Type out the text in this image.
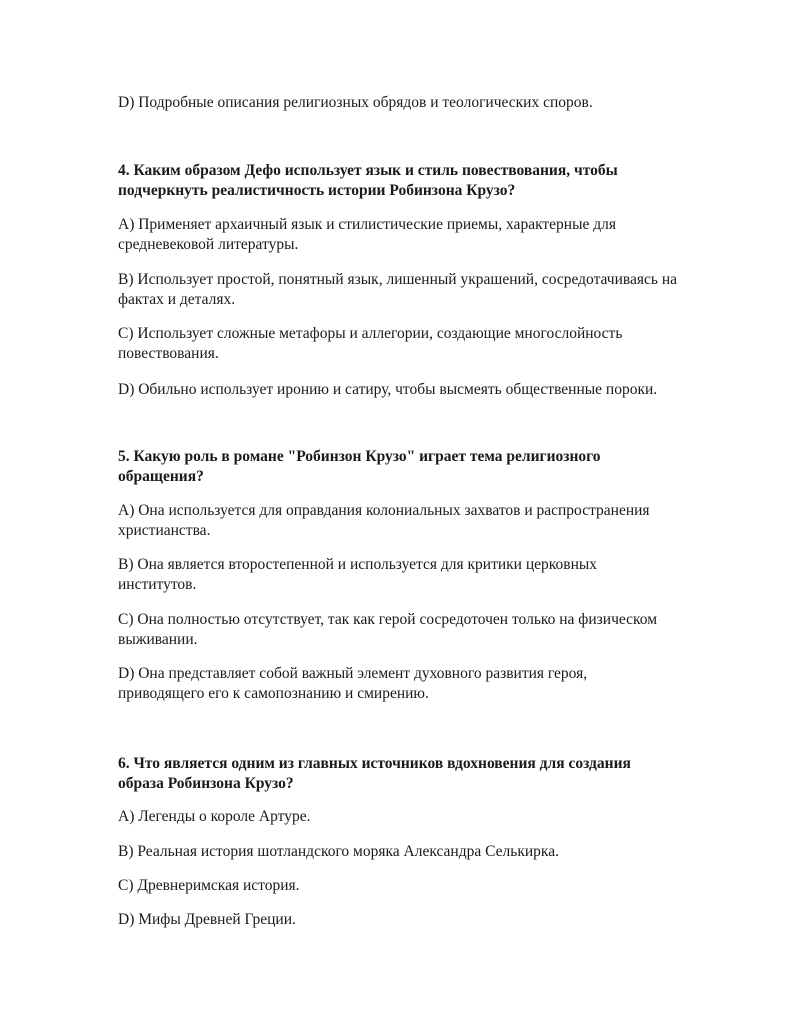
D) Подробные описания религиозных обрядов и теологических споров.

4. Каким образом Дефо использует язык и стиль повествования, чтобы подчеркнуть реалистичность истории Робинзона Крузо?

А) Применяет архаичный язык и стилистические приемы, характерные для средневековой литературы.

B) Использует простой, понятный язык, лишенный украшений, сосредотачиваясь на фактах и деталях.

C) Использует сложные метафоры и аллегории, создающие многослойность повествования.

D) Обильно использует иронию и сатиру, чтобы высмеять общественные пороки.

5. Какую роль в романе "Робинзон Крузо" играет тема религиозного обращения?

А) Она используется для оправдания колониальных захватов и распространения христианства.

B) Она является второстепенной и используется для критики церковных институтов.

C) Она полностью отсутствует, так как герой сосредоточен только на физическом выживании.

D) Она представляет собой важный элемент духовного развития героя, приводящего его к самопознанию и смирению.

6. Что является одним из главных источников вдохновения для создания образа Робинзона Крузо?

А) Легенды о короле Артуре.

B) Реальная история шотландского моряка Александра Селькирка.

C) Древнеримская история.

D) Мифы Древней Греции.
